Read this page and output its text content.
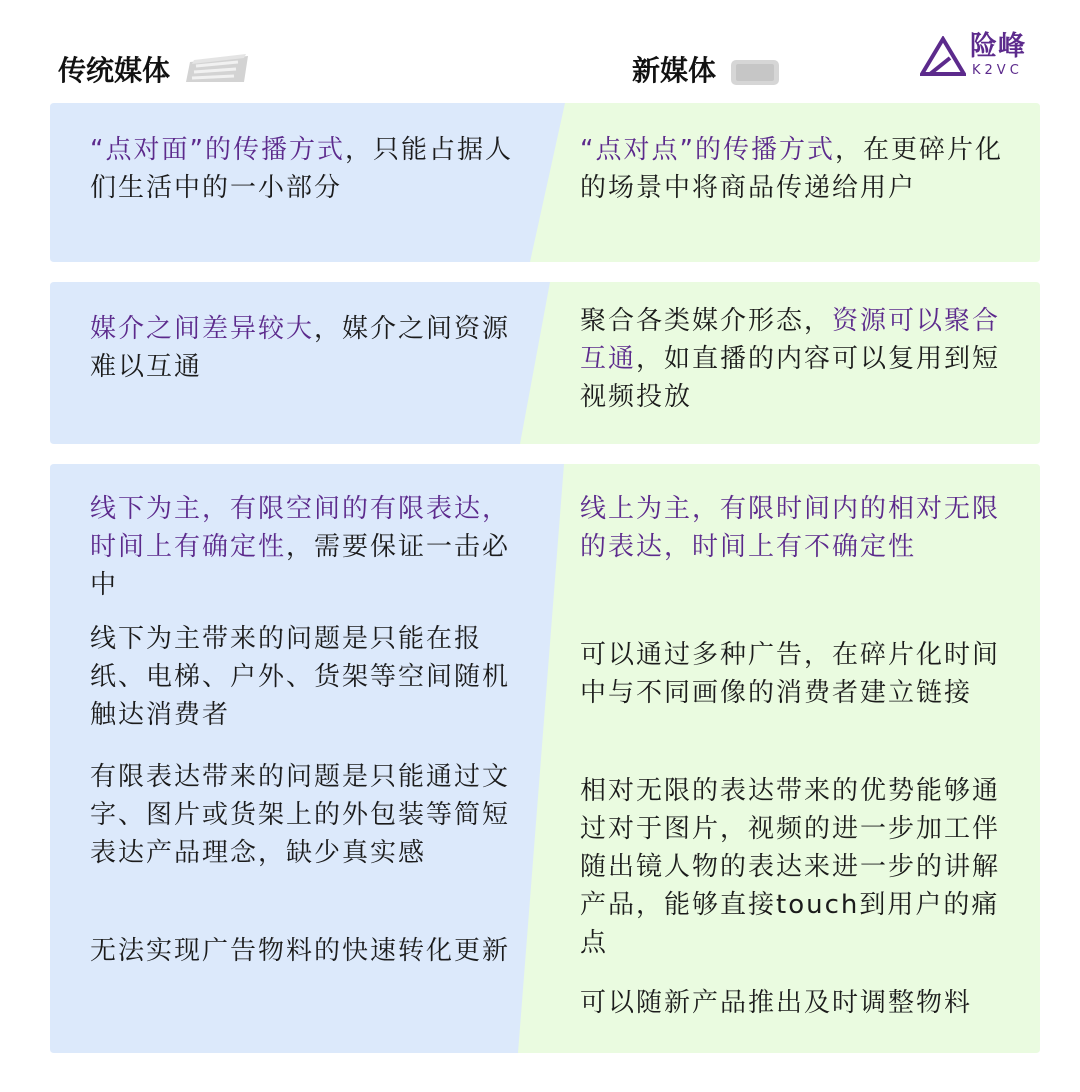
传统媒体	新媒体
险峰
K2VC
“点对面”的传播方式，只能占据人们生活中的一小部分
“点对点”的传播方式，在更碎片化的场景中将商品传递给用户
媒介之间差异较大，媒介之间资源难以互通
聚合各类媒介形态，资源可以聚合互通，如直播的内容可以复用到短视频投放
线下为主，有限空间的有限表达，时间上有确定性，需要保证一击必中
线下为主带来的问题是只能在报纸、电梯、户外、货架等空间随机触达消费者
有限表达带来的问题是只能通过文字、图片或货架上的外包装等简短表达产品理念，缺少真实感
无法实现广告物料的快速转化更新
线上为主，有限时间内的相对无限的表达，时间上有不确定性
可以通过多种广告，在碎片化时间中与不同画像的消费者建立链接
相对无限的表达带来的优势能够通过对于图片，视频的进一步加工伴随出镜人物的表达来进一步的讲解产品，能够直接touch到用户的痛点
可以随新产品推出及时调整物料
